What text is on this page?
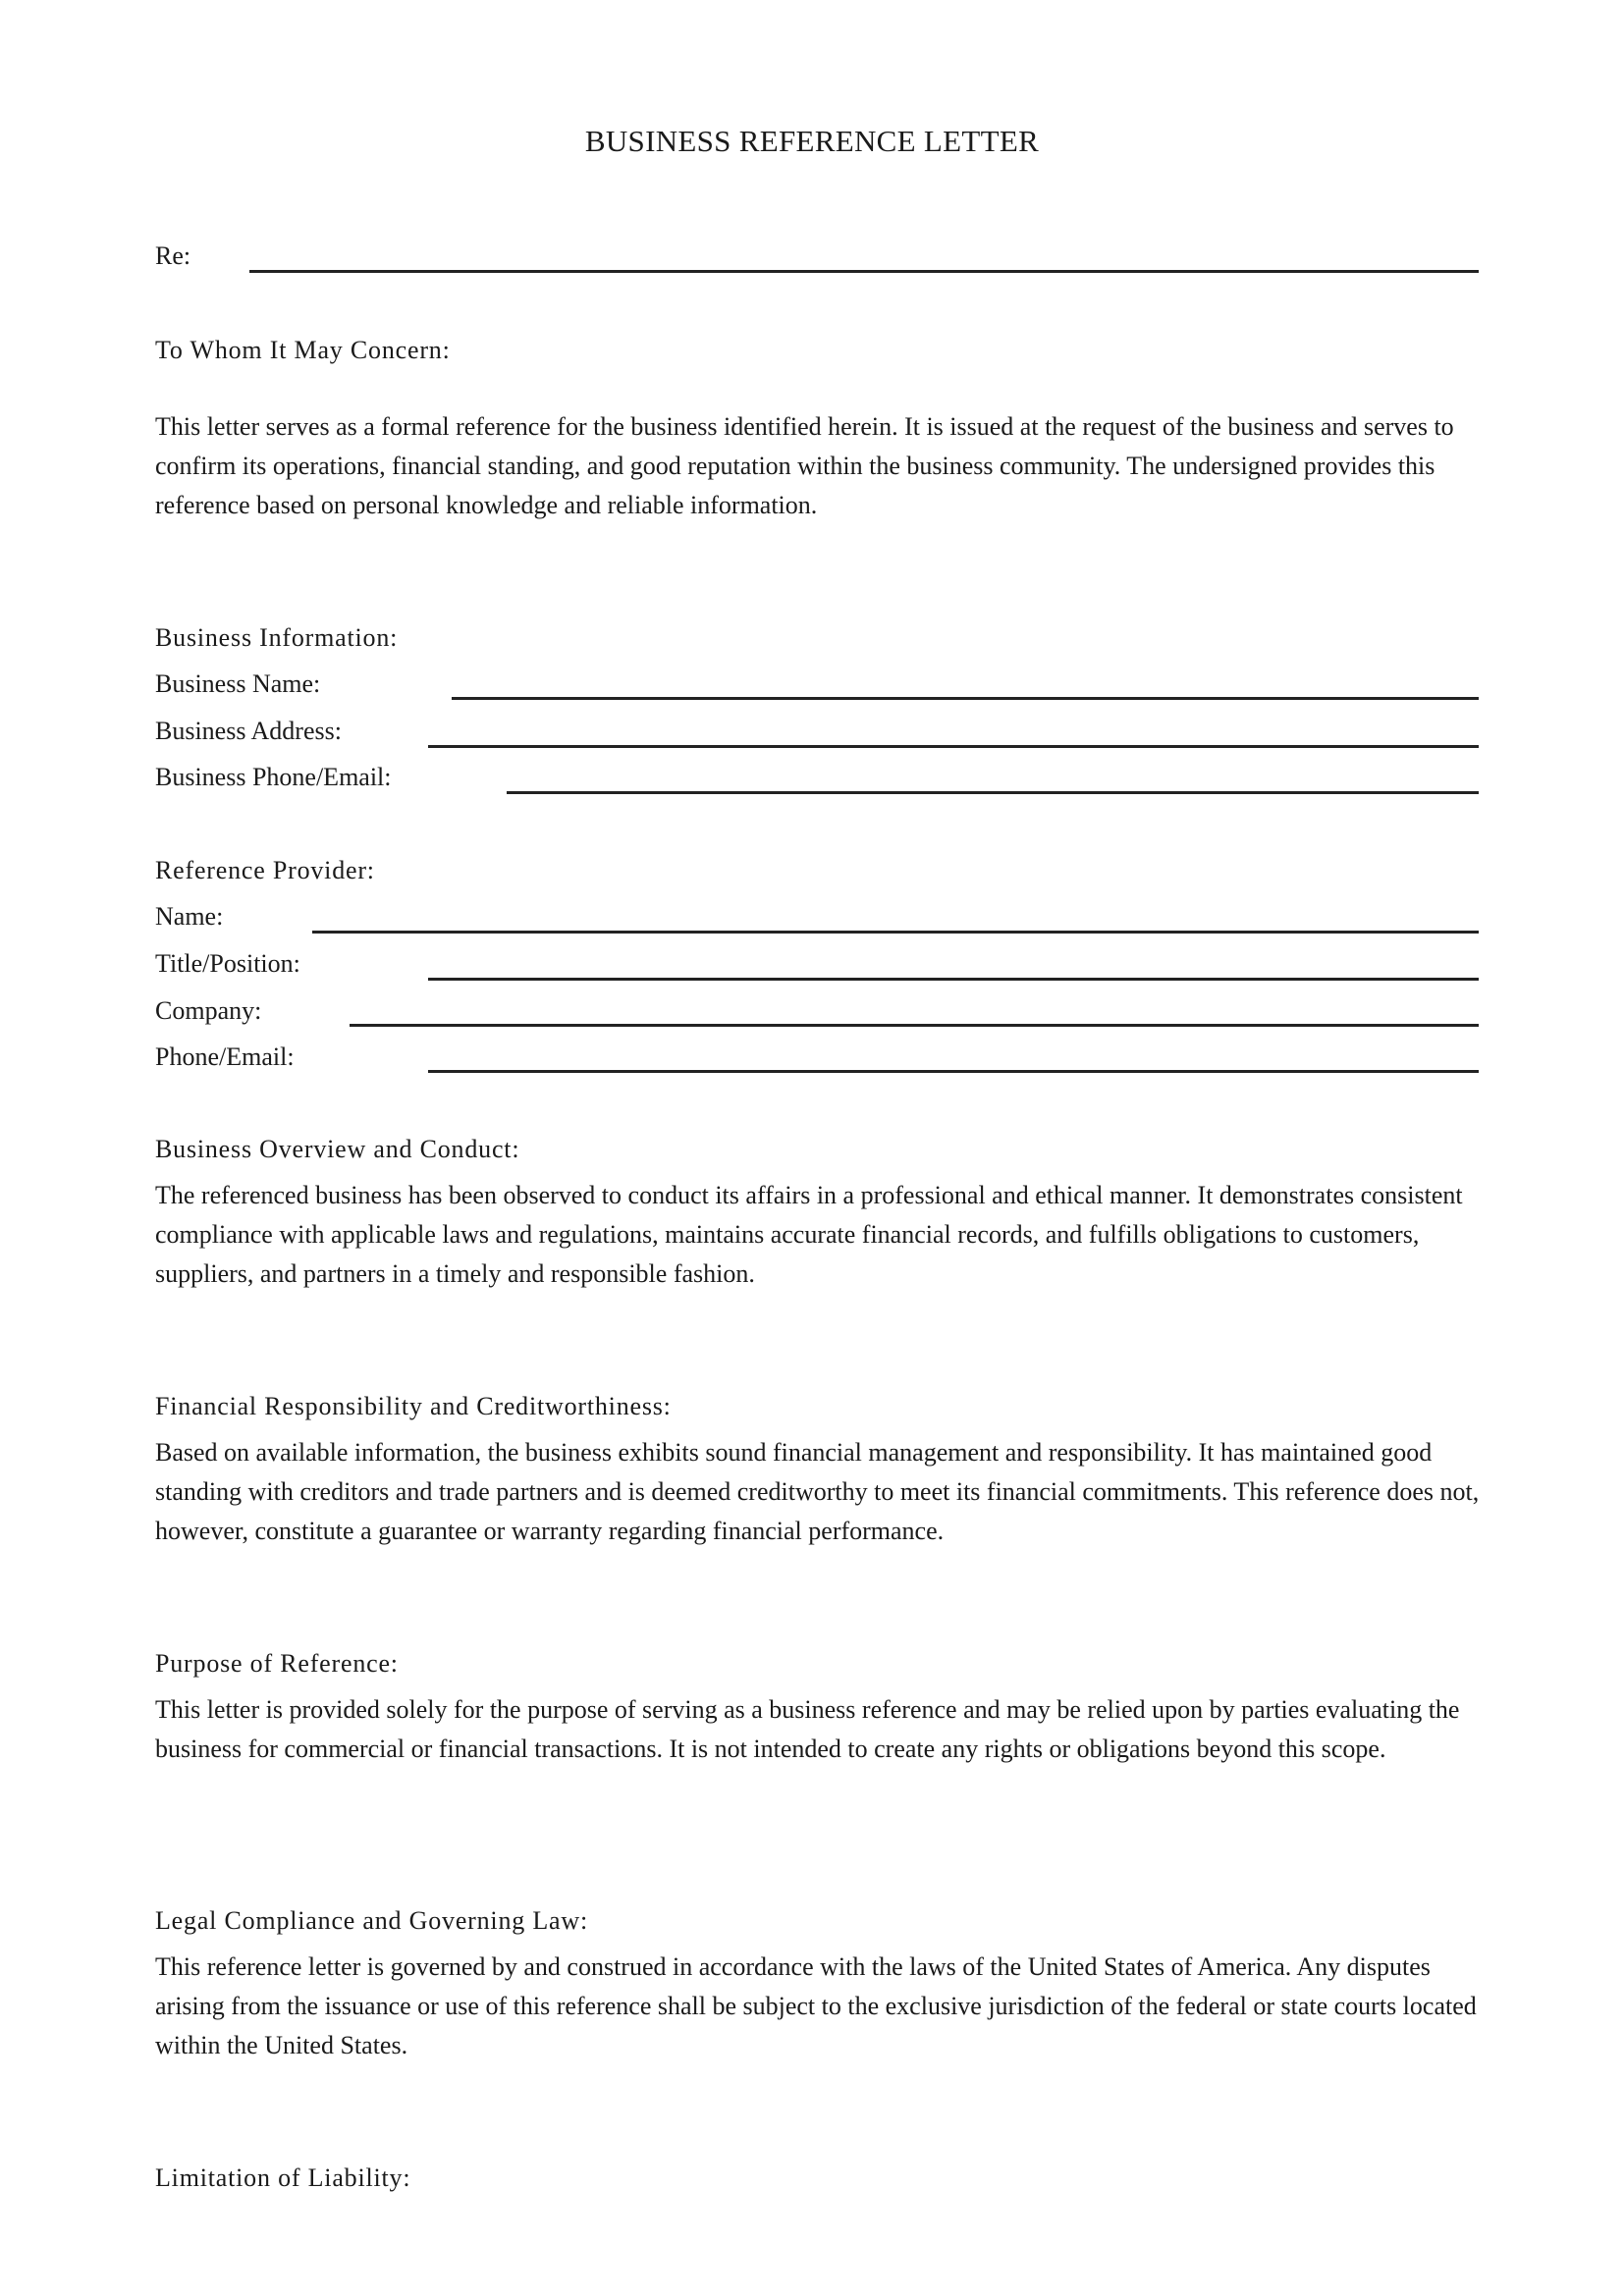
BUSINESS REFERENCE LETTER
Re:
To Whom It May Concern:
This letter serves as a formal reference for the business identified herein. It is issued at the request of the business and serves to confirm its operations, financial standing, and good reputation within the business community. The undersigned provides this reference based on personal knowledge and reliable information.
Business Information:
Business Name:
Business Address:
Business Phone/Email:
Reference Provider:
Name:
Title/Position:
Company:
Phone/Email:
Business Overview and Conduct:
The referenced business has been observed to conduct its affairs in a professional and ethical manner. It demonstrates consistent compliance with applicable laws and regulations, maintains accurate financial records, and fulfills obligations to customers, suppliers, and partners in a timely and responsible fashion.
Financial Responsibility and Creditworthiness:
Based on available information, the business exhibits sound financial management and responsibility. It has maintained good standing with creditors and trade partners and is deemed creditworthy to meet its financial commitments. This reference does not, however, constitute a guarantee or warranty regarding financial performance.
Purpose of Reference:
This letter is provided solely for the purpose of serving as a business reference and may be relied upon by parties evaluating the business for commercial or financial transactions. It is not intended to create any rights or obligations beyond this scope.
Legal Compliance and Governing Law:
This reference letter is governed by and construed in accordance with the laws of the United States of America. Any disputes arising from the issuance or use of this reference shall be subject to the exclusive jurisdiction of the federal or state courts located within the United States.
Limitation of Liability:
